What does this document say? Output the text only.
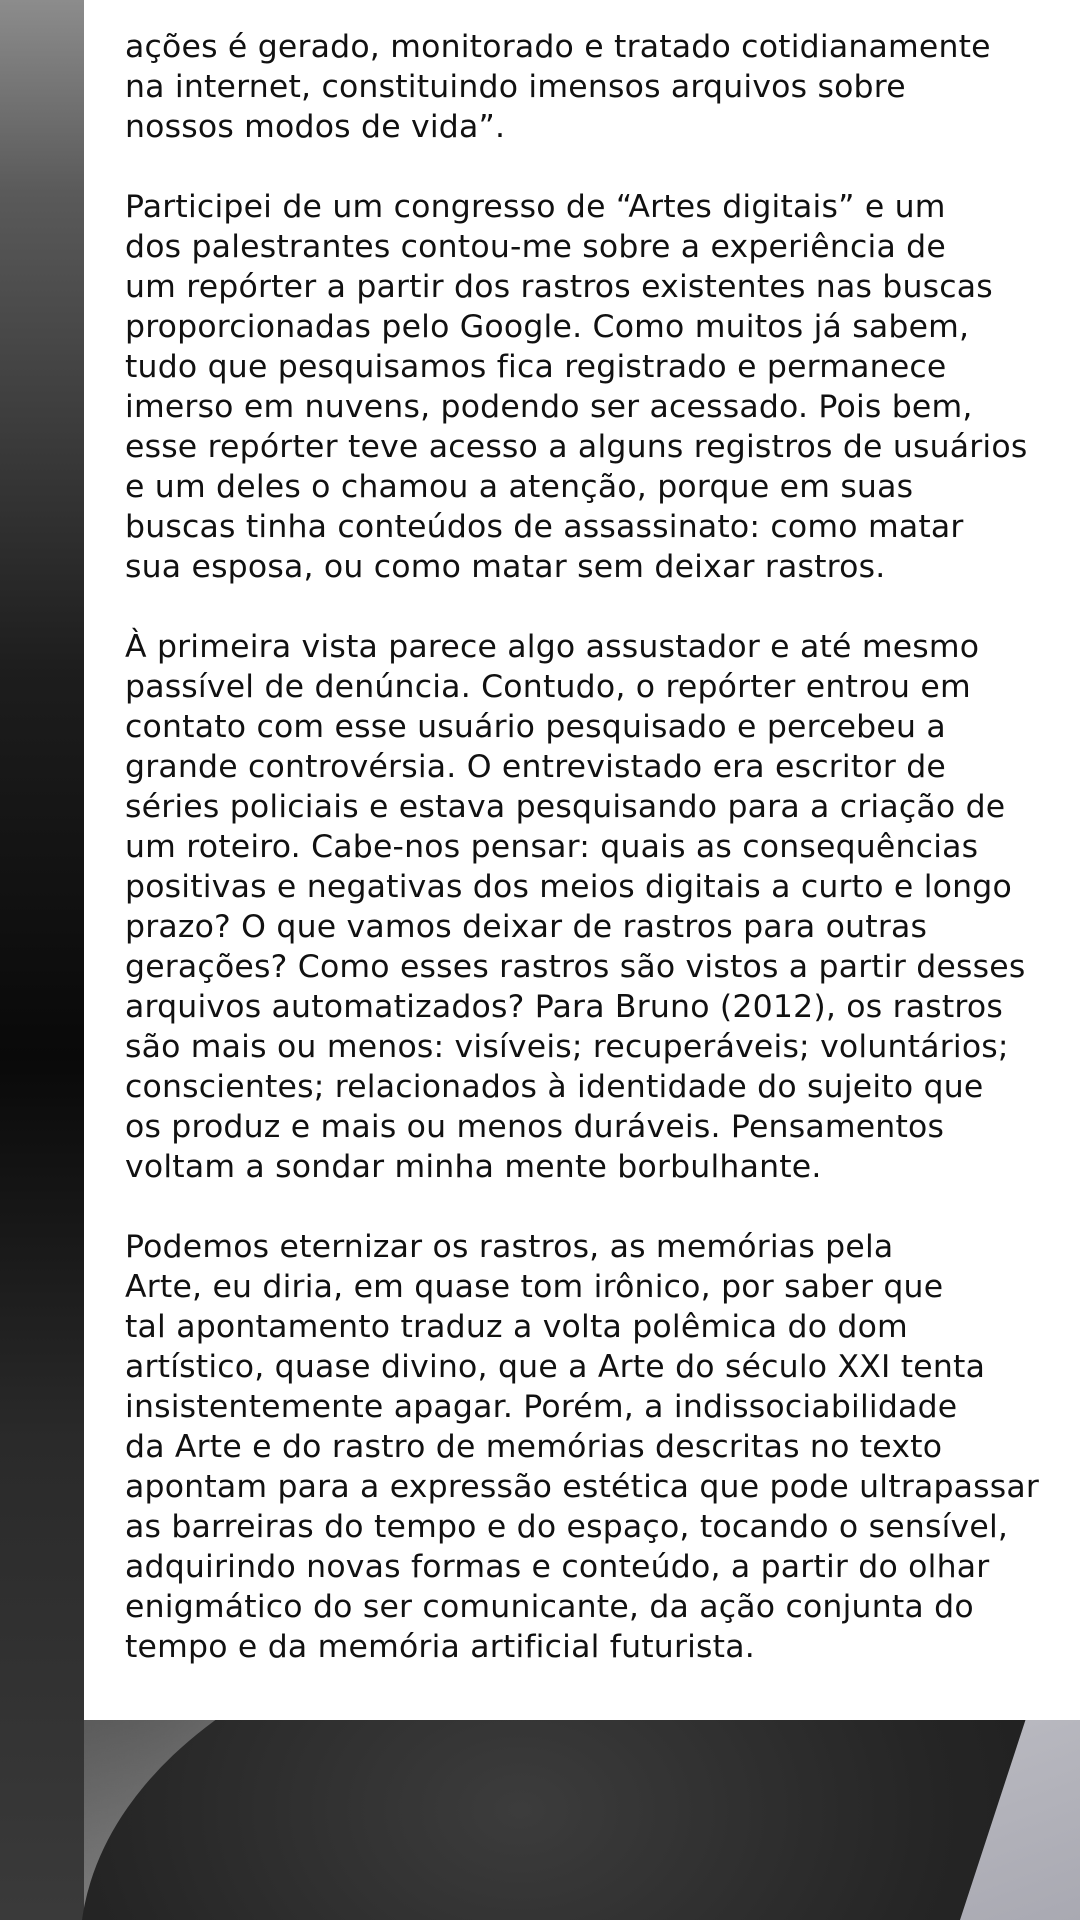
ações é gerado, monitorado e tratado cotidianamente
na internet, constituindo imensos arquivos sobre
nossos modos de vida”.

Participei de um congresso de “Artes digitais” e um
dos palestrantes contou-me sobre a experiência de
um repórter a partir dos rastros existentes nas buscas
proporcionadas pelo Google. Como muitos já sabem,
tudo que pesquisamos fica registrado e permanece
imerso em nuvens, podendo ser acessado. Pois bem,
esse repórter teve acesso a alguns registros de usuários
e um deles o chamou a atenção, porque em suas
buscas tinha conteúdos de assassinato: como matar
sua esposa, ou como matar sem deixar rastros.

À primeira vista parece algo assustador e até mesmo
passível de denúncia. Contudo, o repórter entrou em
contato com esse usuário pesquisado e percebeu a
grande controvérsia. O entrevistado era escritor de
séries policiais e estava pesquisando para a criação de
um roteiro. Cabe-nos pensar: quais as consequências
positivas e negativas dos meios digitais a curto e longo
prazo? O que vamos deixar de rastros para outras
gerações? Como esses rastros são vistos a partir desses
arquivos automatizados? Para Bruno (2012), os rastros
são mais ou menos: visíveis; recuperáveis; voluntários;
conscientes; relacionados à identidade do sujeito que
os produz e mais ou menos duráveis. Pensamentos
voltam a sondar minha mente borbulhante.

Podemos eternizar os rastros, as memórias pela
Arte, eu diria, em quase tom irônico, por saber que
tal apontamento traduz a volta polêmica do dom
artístico, quase divino, que a Arte do século XXI tenta
insistentemente apagar. Porém, a indissociabilidade
da Arte e do rastro de memórias descritas no texto
apontam para a expressão estética que pode ultrapassar
as barreiras do tempo e do espaço, tocando o sensível,
adquirindo novas formas e conteúdo, a partir do olhar
enigmático do ser comunicante, da ação conjunta do
tempo e da memória artificial futurista.
